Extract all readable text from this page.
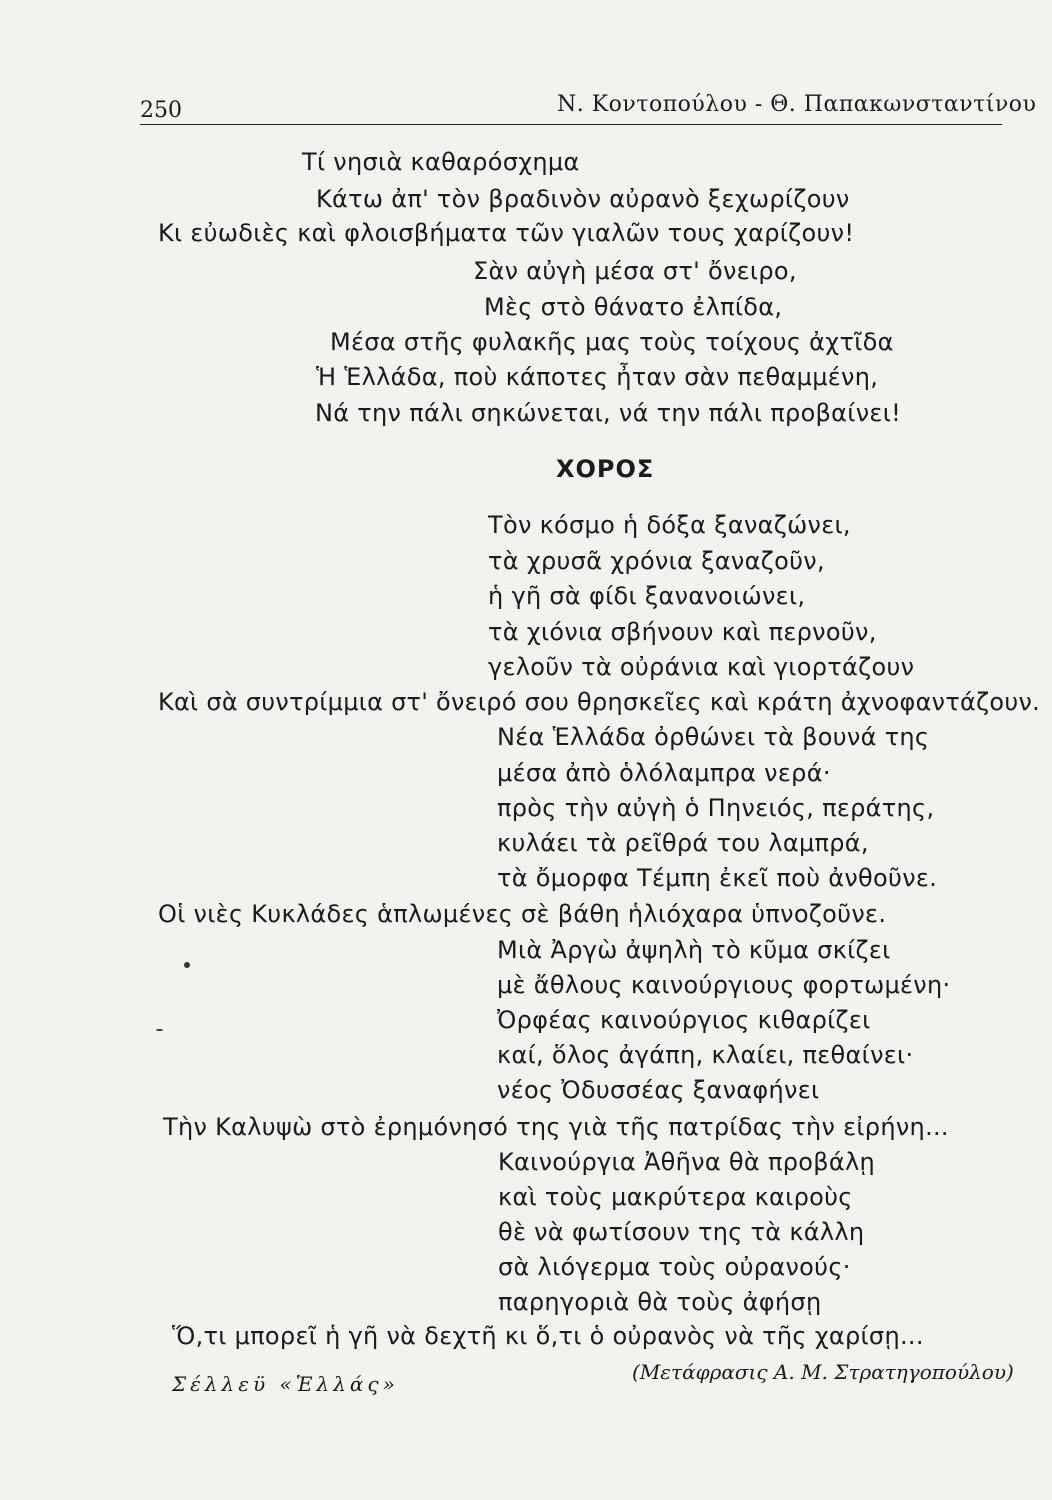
250	Ν. Κοντοπούλου - Θ. Παπακωνσταντίνου

Τί νησιὰ καθαρόσχημα

Κάτω ἀπ' τὸν βραδινὸν αὐρανὸ ξεχωρίζουν

Κι εὐωδιὲς καὶ φλοισβήματα τῶν γιαλῶν τους χαρίζουν!

Σὰν αὐγὴ μέσα στ' ὄνειρο,

Μὲς στὸ θάνατο ἐλπίδα,

Μέσα στῆς φυλακῆς μας τοὺς τοίχους ἀχτῖδα

Ἡ Ἑλλάδα, ποὺ κάποτες ἦταν σὰν πεθαμμένη,

Νά την πάλι σηκώνεται, νά την πάλι προβαίνει!

ΧΟΡΟΣ

Τὸν κόσμο ἡ δόξα ξαναζώνει,

τὰ χρυσᾶ χρόνια ξαναζοῦν,

ἡ γῆ σὰ φίδι ξανανοιώνει,

τὰ χιόνια σβήνουν καὶ περνοῦν,

γελοῦν τὰ οὐράνια καὶ γιορτάζουν

Καὶ σὰ συντρίμμια στ' ὄνειρό σου θρησκεῖες καὶ κράτη ἀχνοφαντάζουν.

Νέα Ἑλλάδα ὀρθώνει τὰ βουνά της

μέσα ἀπὸ ὁλόλαμπρα νερά·

πρὸς τὴν αὐγὴ ὁ Πηνειός, περάτης,

κυλάει τὰ ρεῖθρά του λαμπρά,

τὰ ὄμορφα Τέμπη ἐκεῖ ποὺ ἀνθοῦνε.

Οἱ νιὲς Κυκλάδες ἁπλωμένες σὲ βάθη ἡλιόχαρα ὑπνοζοῦνε.

Μιὰ Ἀργὼ ἀψηλὴ τὸ κῦμα σκίζει

μὲ ἄθλους καινούργιους φορτωμένη·

Ὀρφέας καινούργιος κιθαρίζει

καί, ὅλος ἀγάπη, κλαίει, πεθαίνει·

νέος Ὀδυσσέας ξαναφήνει

Τὴν Καλυψὼ στὸ ἐρημόνησό της γιὰ τῆς πατρίδας τὴν εἰρήνη...

Καινούργια Ἀθῆνα θὰ προβάλῃ

καὶ τοὺς μακρύτερα καιροὺς

θὲ νὰ φωτίσουν της τὰ κάλλη

σὰ λιόγερμα τοὺς οὐρανούς·

παρηγοριὰ θὰ τοὺς ἀφήσῃ

Ὅ,τι μπορεῖ ἡ γῆ νὰ δεχτῆ κι ὅ,τι ὁ οὐρανὸς νὰ τῆς χαρίσῃ...

Σέλλεϋ «Ἑλλάς»	(Μετάφρασις Α. Μ. Στρατηγοπούλου)
